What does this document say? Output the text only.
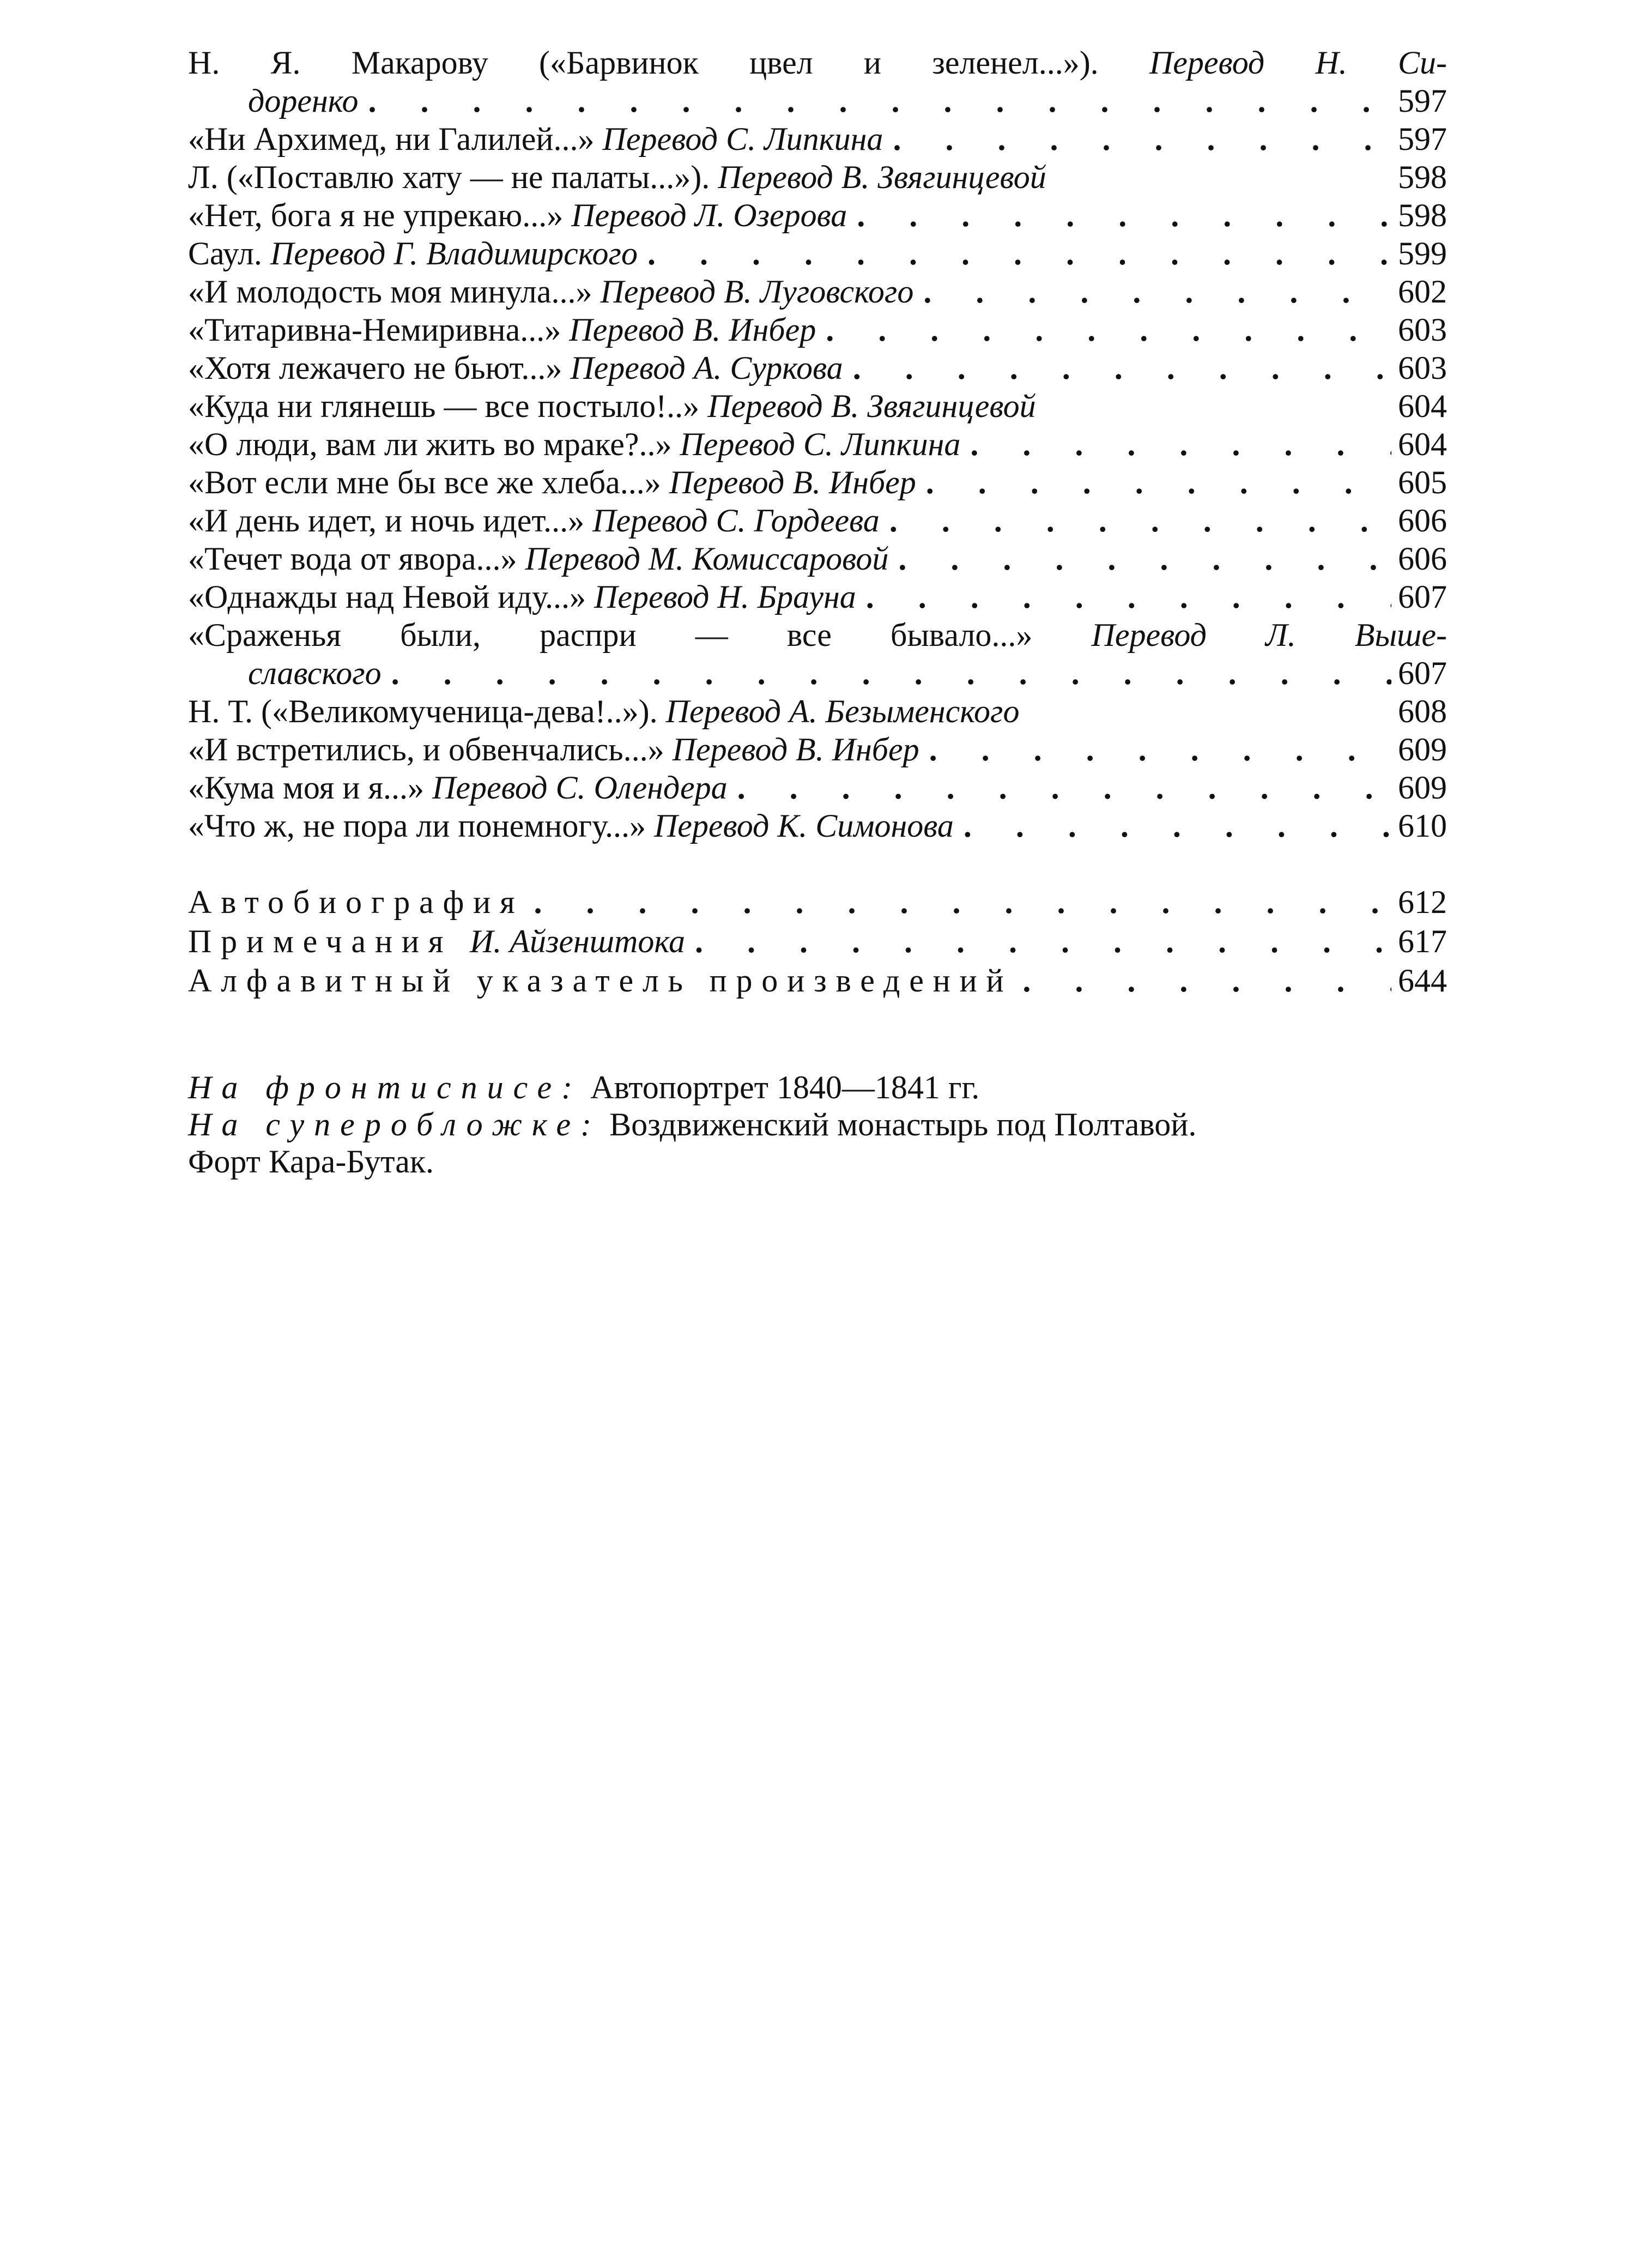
Н. Я. Макарову («Барвинок цвел и зеленел...»). Перевод Н. Си-
доренко . . .	597
«Ни Архимед, ни Галилей...» Перевод С. Липкина . . .	597
Л. («Поставлю хату — не палаты...»). Перевод В. Звягинцевой	598
«Нет, бога я не упрекаю...» Перевод Л. Озерова . . .	598
Саул. Перевод Г. Владимирского . . .	599
«И молодость моя минула...» Перевод В. Луговского . . .	602
«Титаривна-Немиривна...» Перевод В. Инбер . . .	603
«Хотя лежачего не бьют...» Перевод А. Суркова . . .	603
«Куда ни глянешь — все постыло!..» Перевод В. Звягинцевой	604
«О люди, вам ли жить во мраке?..» Перевод С. Липкина . . .	604
«Вот если мне бы все же хлеба...» Перевод В. Инбер . . .	605
«И день идет, и ночь идет...» Перевод С. Гордеева . . .	606
«Течет вода от явора...» Перевод М. Комиссаровой . . .	606
«Однажды над Невой иду...» Перевод Н. Брауна . . .	607
«Сраженья были, распри — все бывало...» Перевод Л. Выше-
славского . . .	607
Н. Т. («Великомученица-дева!..»). Перевод А. Безыменского	608
«И встретились, и обвенчались...» Перевод В. Инбер . . .	609
«Кума моя и я...» Перевод С. Олендера . . .	609
«Что ж, не пора ли понемногу...» Перевод К. Симонова . . .	610
Автобиография . . .	612
Примечания И. Айзенштока . . .	617
Алфавитный указатель произведений . . .	644
На фронтисписе: Автопортрет 1840—1841 гг.
На суперобложке: Воздвиженский монастырь под Полтавой.
Форт Кара-Бутак.
